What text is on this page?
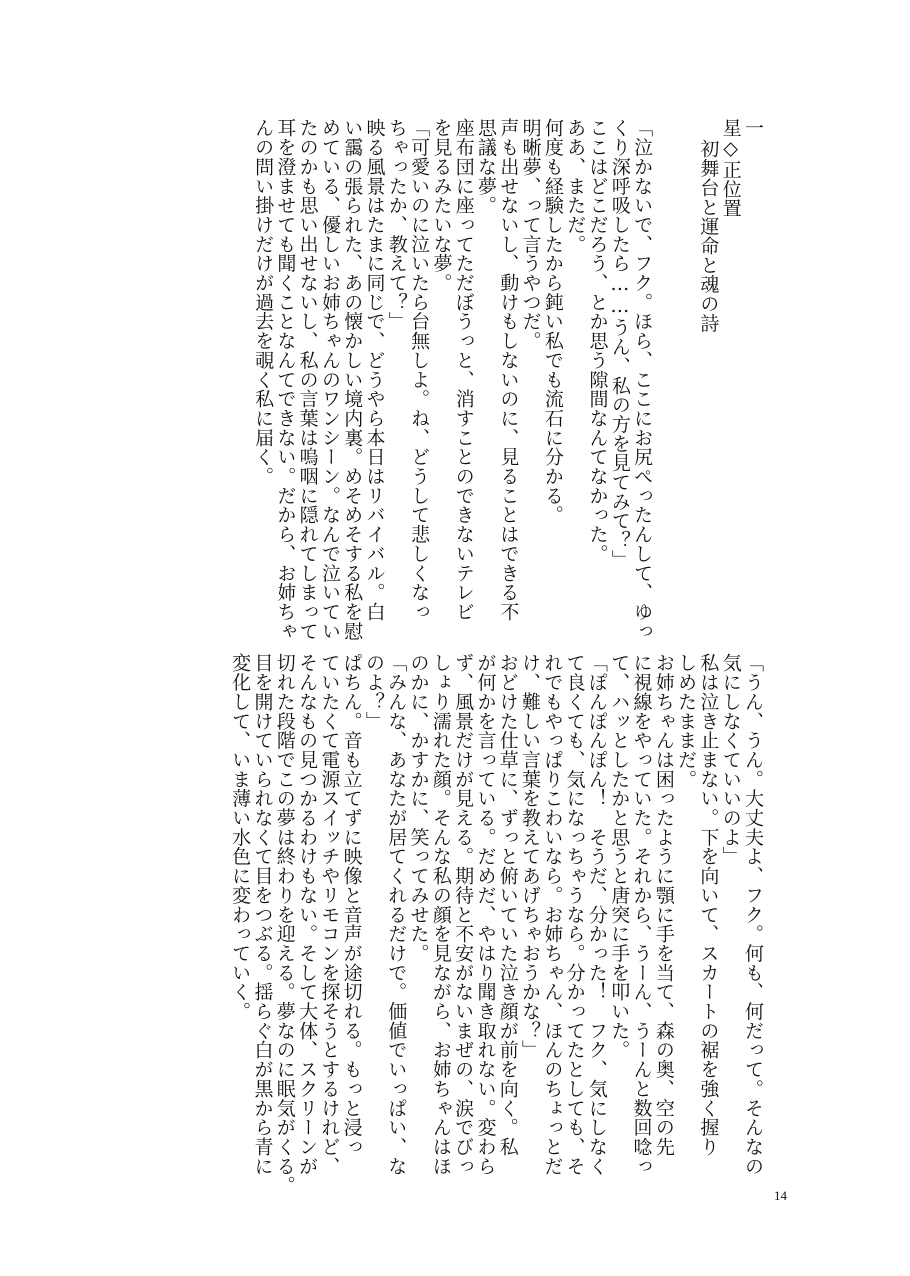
一

星◇正位置

初舞台と運命と魂の詩

「泣かないで、フク。ほら、ここにお尻ぺったんして、ゆっ

くり深呼吸したら……うん、私の方を見てみて？」

ここはどこだろう、とか思う隙間なんてなかった。

ああ、まただ。

何度も経験したから鈍い私でも流石に分かる。

明晰夢、って言うやつだ。

声も出せないし、動けもしないのに、見ることはできる不

思議な夢。

座布団に座ってただぼうっと、消すことのできないテレビ

を見るみたいな夢。

「可愛いのに泣いたら台無しよ。ね、どうして悲しくなっ

ちゃったか、教えて？」

映る風景はたまに同じで、どうやら本日はリバイバル。白

い靄の張られた、あの懐かしい境内裏。めそめそする私を慰

めている、優しいお姉ちゃんのワンシーン。なんで泣いてい

たのかも思い出せないし、私の言葉は嗚咽に隠れてしまって

耳を澄ませても聞くことなんてできない。だから、お姉ちゃ

んの問い掛けだけが過去を覗く私に届く。

「うん、うん。大丈夫よ、フク。何も、何だって。そんなの

気にしなくていいのよ」

私は泣き止まない。下を向いて、スカートの裾を強く握り

しめたままだ。

お姉ちゃんは困ったように顎に手を当て、森の奥、空の先

に視線をやっていた。それから、うーん、うーんと数回唸っ

て、ハッとしたかと思うと唐突に手を叩いた。

「ぽんぽんぽん！　そうだ、分かった！　フク、気にしなく

て良くても、気になっちゃうなら。分かってたとしても、そ

れでもやっぱりこわいなら。お姉ちゃん、ほんのちょっとだ

け、難しい言葉を教えてあげちゃおうかな？」

おどけた仕草に、ずっと俯いていた泣き顔が前を向く。私

が何かを言っている。だめだ、やはり聞き取れない。変わら

ず、風景だけが見える。期待と不安がないまぜの、涙でびっ

しょり濡れた顔。そんな私の顔を見ながら、お姉ちゃんはほ

のかに、かすかに、笑ってみせた。

「みんな、あなたが居てくれるだけで。価値でいっぱい、な

のよ？」

ぱちん。音も立てずに映像と音声が途切れる。もっと浸っ

ていたくて電源スイッチやリモコンを探そうとするけれど、

そんなもの見つかるわけもない。そして大体、スクリーンが

切れた段階でこの夢は終わりを迎える。夢なのに眠気がくる。

目を開けていられなくて目をつぶる。揺らぐ白が黒から青に

変化して、いま薄い水色に変わっていく。

14
